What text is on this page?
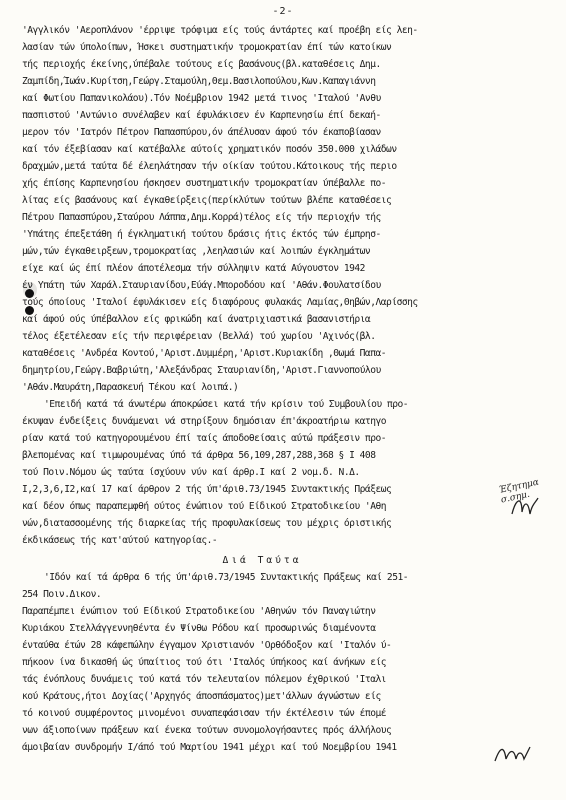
-2-
'Αγγλικόν 'Αεροπλάνον 'έρριψε τρόφιμα είς τούς άντάρτες καί προέβη είς λεη-
λασίαν τών ύπολοίπων, Ήσκει συστηματικήν τρομοκρατίαν έπί τών κατοίκων
τής περιοχής έκείνης,ύπέβαλε τούτους είς βασάνους(βλ.καταθέσεις Δημ.
Ζαμπίδη,Ίωάν.Κυρίτση,Γεώργ.Σταμούλη,Θεμ.Βασιλοπούλου,Κων.Καπαγιάννη
καί Φωτίου Παπανικολάου).Τόν Νοέμβριον 1942 μετά τινος 'Ιταλού 'Ανθυ
πασπιστού 'Αντώνιο συνέλαβεν καί έφυλάκισεν έν Καρπενησίω έπί δεκαή-
μερον τόν 'Ιατρόν Πέτρον Παπασπύρου,όν άπέλυσαν άφού τόν έκαποβίασαν
καί τόν έξεβίασαν καί κατέβαλλε αύτοίς χρηματικόν ποσόν 350.000 χιλάδων
δραχμών,μετά ταύτα δέ έλεηλάτησαν τήν οίκίαν τούτου.Κάτοικους τής περιο
χής έπίσης Καρπενησίου ήσκησεν συστηματικήν τρομοκρατίαν ύπέβαλλε πο-
λίτας είς βασάνους καί έγκαθείρξεις(περίκλύτων τούτων βλέπε καταθέσεις
Πέτρου Παπασπύρου,Σταύρου Λάππα,Δημ.Κορρά)τέλος είς τήν περιοχήν τής
'Υπάτης έπεξετάθη ή έγκληματική τούτου δράσις ήτις έκτός τών έμπρησ-
μών,τών έγκαθειρξεων,τρομοκρατίας ,λεηλασιών καί λοιπών έγκλημάτων
είχε καί ώς έπί πλέον άποτέλεσμα τήν σύλληψιν κατά Αύγουστον 1942
έν Υπάτη τών Χαράλ.Σταυριανίδου,Εύάγ.Μποροδόου καί 'Αθάν.Φουλατσίδου
τούς όποίους 'Ιταλοί έφυλάκισεν είς διαφόρους φυλακάς Λαμίας,Θηβών,Λαρίσσης
καί άφού ούς ύπέβαλλον είς φρικώδη καί άνατριχιαστικά βασανιστήρια
τέλος έξετέλεσαν είς τήν περιφέρειαν (Βελλά) τού χωρίου 'Αχινός(βλ.
καταθέσεις 'Ανδρέα Κοντού,'Αριστ.Δυμμέρη,'Αριστ.Κυριακίδη ,Θωμά Παπα-
δημητρίου,Γεώργ.Βαβριώτη,'Αλεξάνδρας Σταυριανίδη,'Αριστ.Γιαννοπούλου
'Αθάν.Μαυράτη,Παρασκευή Τέκου καί λοιπά.)
'Επειδή κατά τά άνωτέρω άποκρώσει κατά τήν κρίσιν τού Συμβουλίου προ-
έκυψαν ένδείξεις δυνάμεναι νά στηρίξουν δημόσιαν έπ'άκροατήριω κατηγο
ρίαν κατά τού κατηγορουμένου έπί ταίς άποδοθείσαις αύτώ πράξεσιν προ-
βλεπομένας καί τιμωρουμένας ύπό τά άρθρα 56,109,287,288,368 § Ι 408
τού Ποιν.Νόμου ώς ταύτα ίσχύουν νύν καί άρθρ.Ι καί 2 νομ.δ. Ν.Δ.
Ι,2,3,6,Ι2,καί 17 καί άρθρον 2 τής ύπ'άριθ.73/1945 Συντακτικής Πράξεως
καί δέον όπως παραπεμφθή ούτος ένώπιον τού Είδικού Στρατοδικείου 'Αθη
νών,διατασσομένης τής διαρκείας τής προφυλακίσεως του μέχρις όριστικής
έκδικάσεως τής κατ'αύτού κατηγορίας.-
Διά Ταύτα
'Ιδόν καί τά άρθρα 6 τής ύπ'άριθ.73/1945 Συντακτικής Πράξεως καί 251-
254 Ποιν.Δικον.
Παραπέμπει ένώπιον τού Είδικού Στρατοδικείου 'Αθηνών τόν Παναγιώτην
Κυριάκου Στελλάγγεννηθέντα έν Ψίνθω Ρόδου καί προσωρινώς διαμένοντα
ένταύθα έτών 28 κάφεπώλην έγγαμον Χριστιανόν 'Ορθόδοξον καί 'Ιταλόν ύ-
πήκοον ίνα δικασθή ώς ύπαίτιος τού ότι 'Ιταλός ύπήκοος καί άνήκων είς
τάς ένόπλους δυνάμεις τού κατά τόν τελευταίον πόλεμον έχθρικού 'Ιταλι
κού Κράτους,ήτοι Δοχίας('Αρχηγός άποσπάσματος)μετ'άλλων άγνώστων είς
τό κοινού συμφέροντος μινομένοι συναπεφάσισαν τήν έκτέλεσιν τών έπομέ
νων άξιοποίνων πράξεων καί ένεκα τούτων συνομολογήσαντες πρός άλλήλους
άμοιβαίαν συνδρομήν Ι/άπό τού Μαρτίου 1941 μέχρι καί τού Νοεμβρίου 1941
Έζητημα σ.σημ.
